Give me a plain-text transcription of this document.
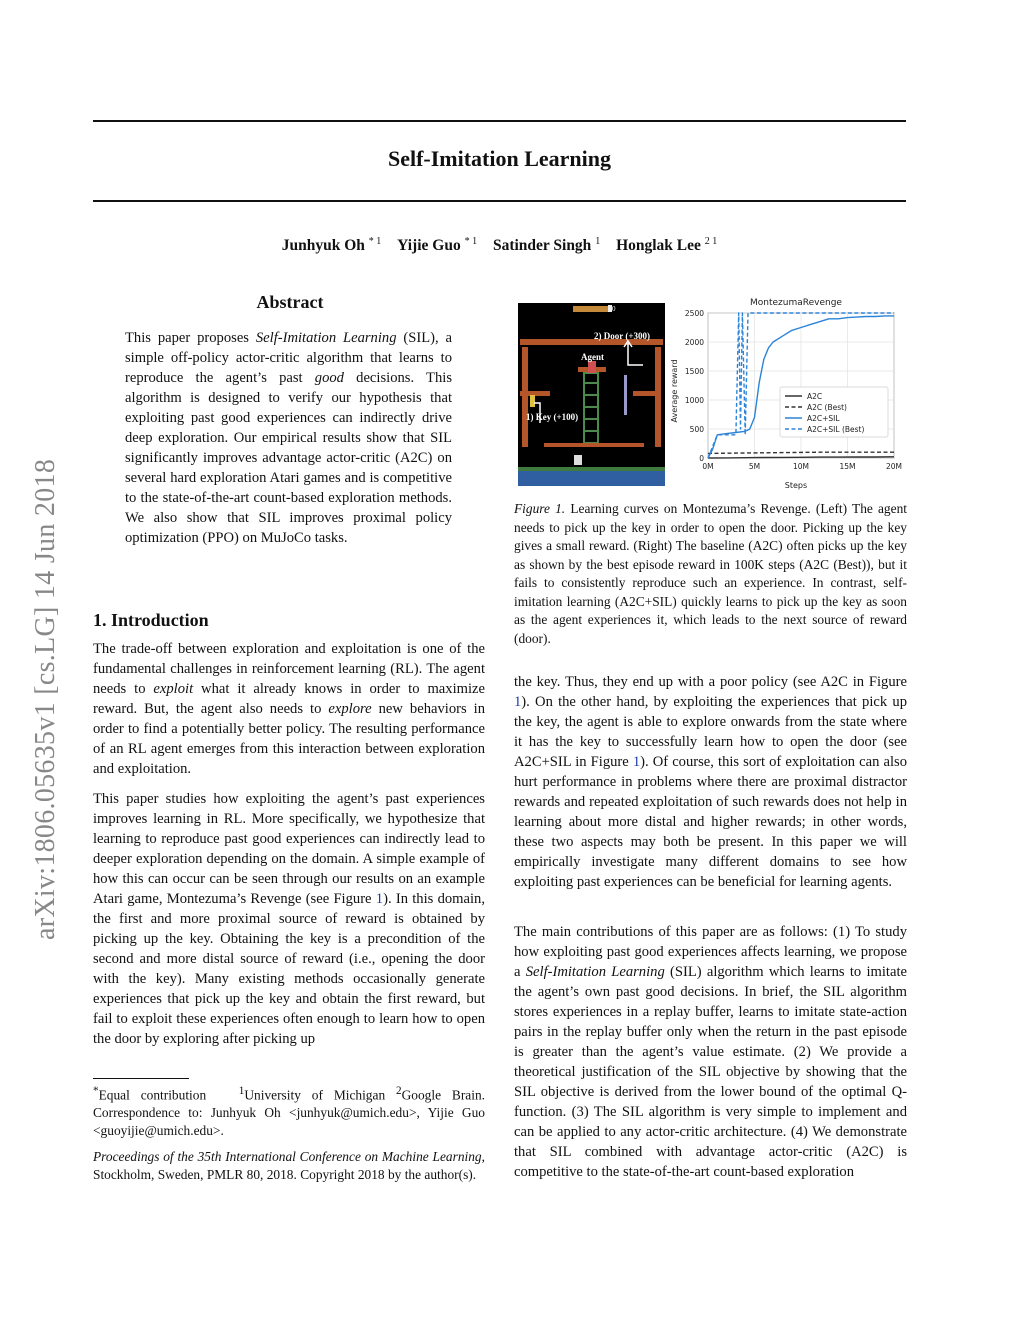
arXiv:1806.05635v1 [cs.LG] 14 Jun 2018
Self-Imitation Learning
Junhyuk Oh $^{* 1}$ Yijie Guo $^{* 1}$ Satinder Singh $^1$ Honglak Lee $^{2 1}$
Abstract

This paper proposes Self-Imitation Learning (SIL), a simple off-policy actor-critic algorithm that learns to reproduce the agent’s past good decisions. This algorithm is designed to verify our hypothesis that exploiting past good experiences can indirectly drive deep exploration. Our empirical results show that SIL significantly improves advantage actor-critic (A2C) on several hard exploration Atari games and is competitive to the state-of-the-art count-based exploration methods. We also show that SIL improves proximal policy optimization (PPO) on MuJoCo tasks.

1. Introduction

The trade-off between exploration and exploitation is one of the fundamental challenges in reinforcement learning (RL). The agent needs to exploit what it already knows in order to maximize reward. But, the agent also needs to explore new behaviors in order to find a potentially better policy. The resulting performance of an RL agent emerges from this interaction between exploration and exploitation.

This paper studies how exploiting the agent’s past experiences improves learning in RL. More specifically, we hypothesize that learning to reproduce past good experiences can indirectly lead to deeper exploration depending on the domain. A simple example of how this can occur can be seen through our results on an example Atari game, Montezuma’s Revenge (see Figure 1). In this domain, the first and more proximal source of reward is obtained by picking up the key. Obtaining the key is a precondition of the second and more distal source of reward (i.e., opening the door with the key). Many existing methods occasionally generate experiences that pick up the key and obtain the first reward, but fail to exploit these experiences often enough to learn how to open the door by exploring after picking up

*Equal contribution	$^1$University of Michigan $^2$Google Brain. Correspondence to: Junhyuk Oh <junhyuk@umich.edu>, Yijie Guo <guoyijie@umich.edu>.

Proceedings of the 35th International Conference on Machine Learning, Stockholm, Sweden, PMLR 80, 2018. Copyright 2018 by the author(s).

0
2) Door (+300)
Agent
1) Key (+100)
MontezumaRevenge
Steps
Average reward
0M	5M	10M	15M	20M
0
500
1000
1500
2000
2500
A2C
A2C (Best)
A2C+SIL
A2C+SIL (Best)

Figure 1. Learning curves on Montezuma’s Revenge. (Left) The agent needs to pick up the key in order to open the door. Picking up the key gives a small reward. (Right) The baseline (A2C) often picks up the key as shown by the best episode reward in 100K steps (A2C (Best)), but it fails to consistently reproduce such an experience. In contrast, self-imitation learning (A2C+SIL) quickly learns to pick up the key as soon as the agent experiences it, which leads to the next source of reward (door).

the key. Thus, they end up with a poor policy (see A2C in Figure 1). On the other hand, by exploiting the experiences that pick up the key, the agent is able to explore onwards from the state where it has the key to successfully learn how to open the door (see A2C+SIL in Figure 1). Of course, this sort of exploitation can also hurt performance in problems where there are proximal distractor rewards and repeated exploitation of such rewards does not help in learning about more distal and higher rewards; in other words, these two aspects may both be present. In this paper we will empirically investigate many different domains to see how exploiting past experiences can be beneficial for learning agents.

The main contributions of this paper are as follows: (1) To study how exploiting past good experiences affects learning, we propose a Self-Imitation Learning (SIL) algorithm which learns to imitate the agent’s own past good decisions. In brief, the SIL algorithm stores experiences in a replay buffer, learns to imitate state-action pairs in the replay buffer only when the return in the past episode is greater than the agent’s value estimate. (2) We provide a theoretical justification of the SIL objective by showing that the SIL objective is derived from the lower bound of the optimal Q-function. (3) The SIL algorithm is very simple to implement and can be applied to any actor-critic architecture. (4) We demonstrate that SIL combined with advantage actor-critic (A2C) is competitive to the state-of-the-art count-based exploration
